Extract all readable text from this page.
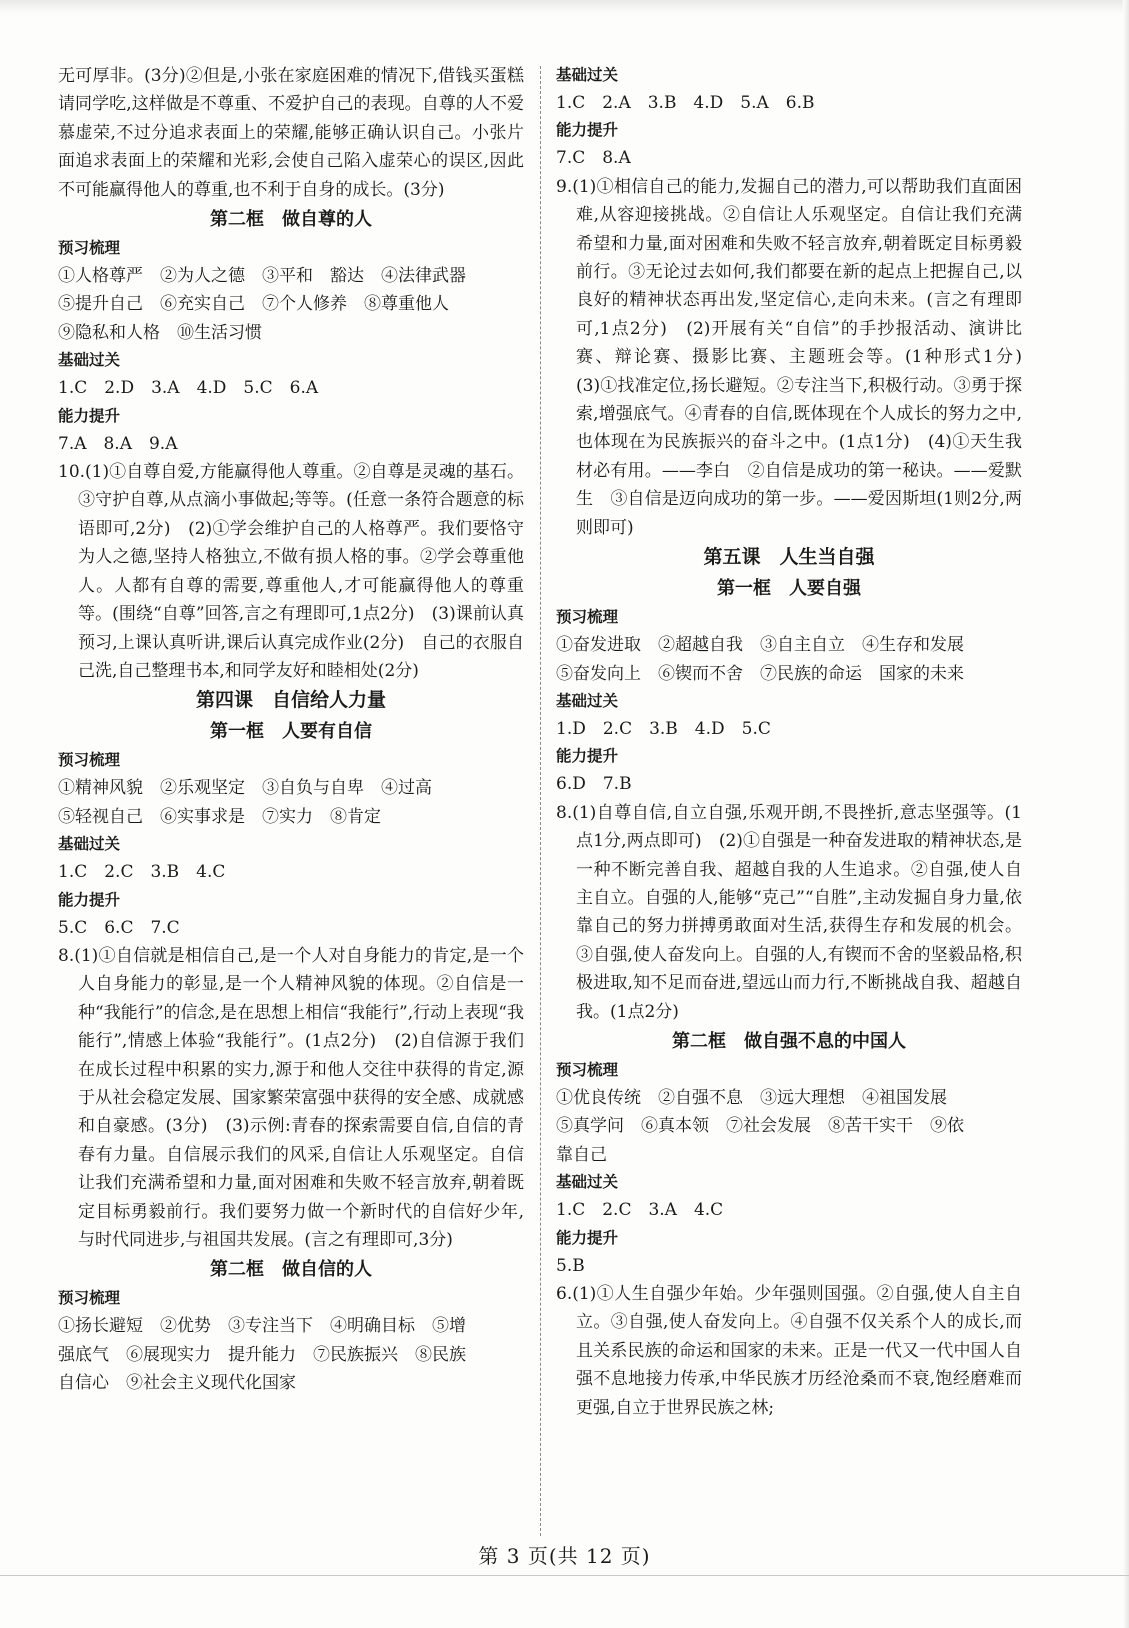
无可厚非。(3分)②但是,小张在家庭困难的情况下,借钱买蛋糕请同学吃,这样做是不尊重、不爱护自己的表现。自尊的人不爱慕虚荣,不过分追求表面上的荣耀,能够正确认识自己。小张片面追求表面上的荣耀和光彩,会使自己陷入虚荣心的误区,因此不可能赢得他人的尊重,也不利于自身的成长。(3分)

第二框　做自尊的人

预习梳理

①人格尊严　②为人之德　③平和　豁达　④法律武器

⑤提升自己　⑥充实自己　⑦个人修养　⑧尊重他人

⑨隐私和人格　⑩生活习惯

基础过关

1.C　2.D　3.A　4.D　5.C　6.A

能力提升

7.A　8.A　9.A

10.(1)①自尊自爱,方能赢得他人尊重。②自尊是灵魂的基石。③守护自尊,从点滴小事做起;等等。(任意一条符合题意的标语即可,2分)　(2)①学会维护自己的人格尊严。我们要恪守为人之德,坚持人格独立,不做有损人格的事。②学会尊重他人。人都有自尊的需要,尊重他人,才可能赢得他人的尊重等。(围绕“自尊”回答,言之有理即可,1点2分)　(3)课前认真预习,上课认真听讲,课后认真完成作业(2分)　自己的衣服自己洗,自己整理书本,和同学友好和睦相处(2分)

第四课　自信给人力量

第一框　人要有自信

预习梳理

①精神风貌　②乐观坚定　③自负与自卑　④过高

⑤轻视自己　⑥实事求是　⑦实力　⑧肯定

基础过关

1.C　2.C　3.B　4.C

能力提升

5.C　6.C　7.C

8.(1)①自信就是相信自己,是一个人对自身能力的肯定,是一个人自身能力的彰显,是一个人精神风貌的体现。②自信是一种“我能行”的信念,是在思想上相信“我能行”,行动上表现“我能行”,情感上体验“我能行”。(1点2分)　(2)自信源于我们在成长过程中积累的实力,源于和他人交往中获得的肯定,源于从社会稳定发展、国家繁荣富强中获得的安全感、成就感和自豪感。(3分)　(3)示例:青春的探索需要自信,自信的青春有力量。自信展示我们的风采,自信让人乐观坚定。自信让我们充满希望和力量,面对困难和失败不轻言放弃,朝着既定目标勇毅前行。我们要努力做一个新时代的自信好少年,与时代同进步,与祖国共发展。(言之有理即可,3分)

第二框　做自信的人

预习梳理

①扬长避短　②优势　③专注当下　④明确目标　⑤增

强底气　⑥展现实力　提升能力　⑦民族振兴　⑧民族

自信心　⑨社会主义现代化国家

基础过关

1.C　2.A　3.B　4.D　5.A　6.B

能力提升

7.C　8.A

9.(1)①相信自己的能力,发掘自己的潜力,可以帮助我们直面困难,从容迎接挑战。②自信让人乐观坚定。自信让我们充满希望和力量,面对困难和失败不轻言放弃,朝着既定目标勇毅前行。③无论过去如何,我们都要在新的起点上把握自己,以良好的精神状态再出发,坚定信心,走向未来。(言之有理即可,1点2分)　(2)开展有关“自信”的手抄报活动、演讲比赛、辩论赛、摄影比赛、主题班会等。(1种形式1分)　(3)①找准定位,扬长避短。②专注当下,积极行动。③勇于探索,增强底气。④青春的自信,既体现在个人成长的努力之中,也体现在为民族振兴的奋斗之中。(1点1分)　(4)①天生我材必有用。——李白　②自信是成功的第一秘诀。——爱默生　③自信是迈向成功的第一步。——爱因斯坦(1则2分,两则即可)

第五课　人生当自强

第一框　人要自强

预习梳理

①奋发进取　②超越自我　③自主自立　④生存和发展

⑤奋发向上　⑥锲而不舍　⑦民族的命运　国家的未来

基础过关

1.D　2.C　3.B　4.D　5.C

能力提升

6.D　7.B

8.(1)自尊自信,自立自强,乐观开朗,不畏挫折,意志坚强等。(1点1分,两点即可)　(2)①自强是一种奋发进取的精神状态,是一种不断完善自我、超越自我的人生追求。②自强,使人自主自立。自强的人,能够“克己”“自胜”,主动发掘自身力量,依靠自己的努力拼搏勇敢面对生活,获得生存和发展的机会。③自强,使人奋发向上。自强的人,有锲而不舍的坚毅品格,积极进取,知不足而奋进,望远山而力行,不断挑战自我、超越自我。(1点2分)

第二框　做自强不息的中国人

预习梳理

①优良传统　②自强不息　③远大理想　④祖国发展

⑤真学问　⑥真本领　⑦社会发展　⑧苦干实干　⑨依

靠自己

基础过关

1.C　2.C　3.A　4.C

能力提升

5.B

6.(1)①人生自强少年始。少年强则国强。②自强,使人自主自立。③自强,使人奋发向上。④自强不仅关系个人的成长,而且关系民族的命运和国家的未来。正是一代又一代中国人自强不息地接力传承,中华民族才历经沧桑而不衰,饱经磨难而更强,自立于世界民族之林;

第 3 页(共 12 页)
